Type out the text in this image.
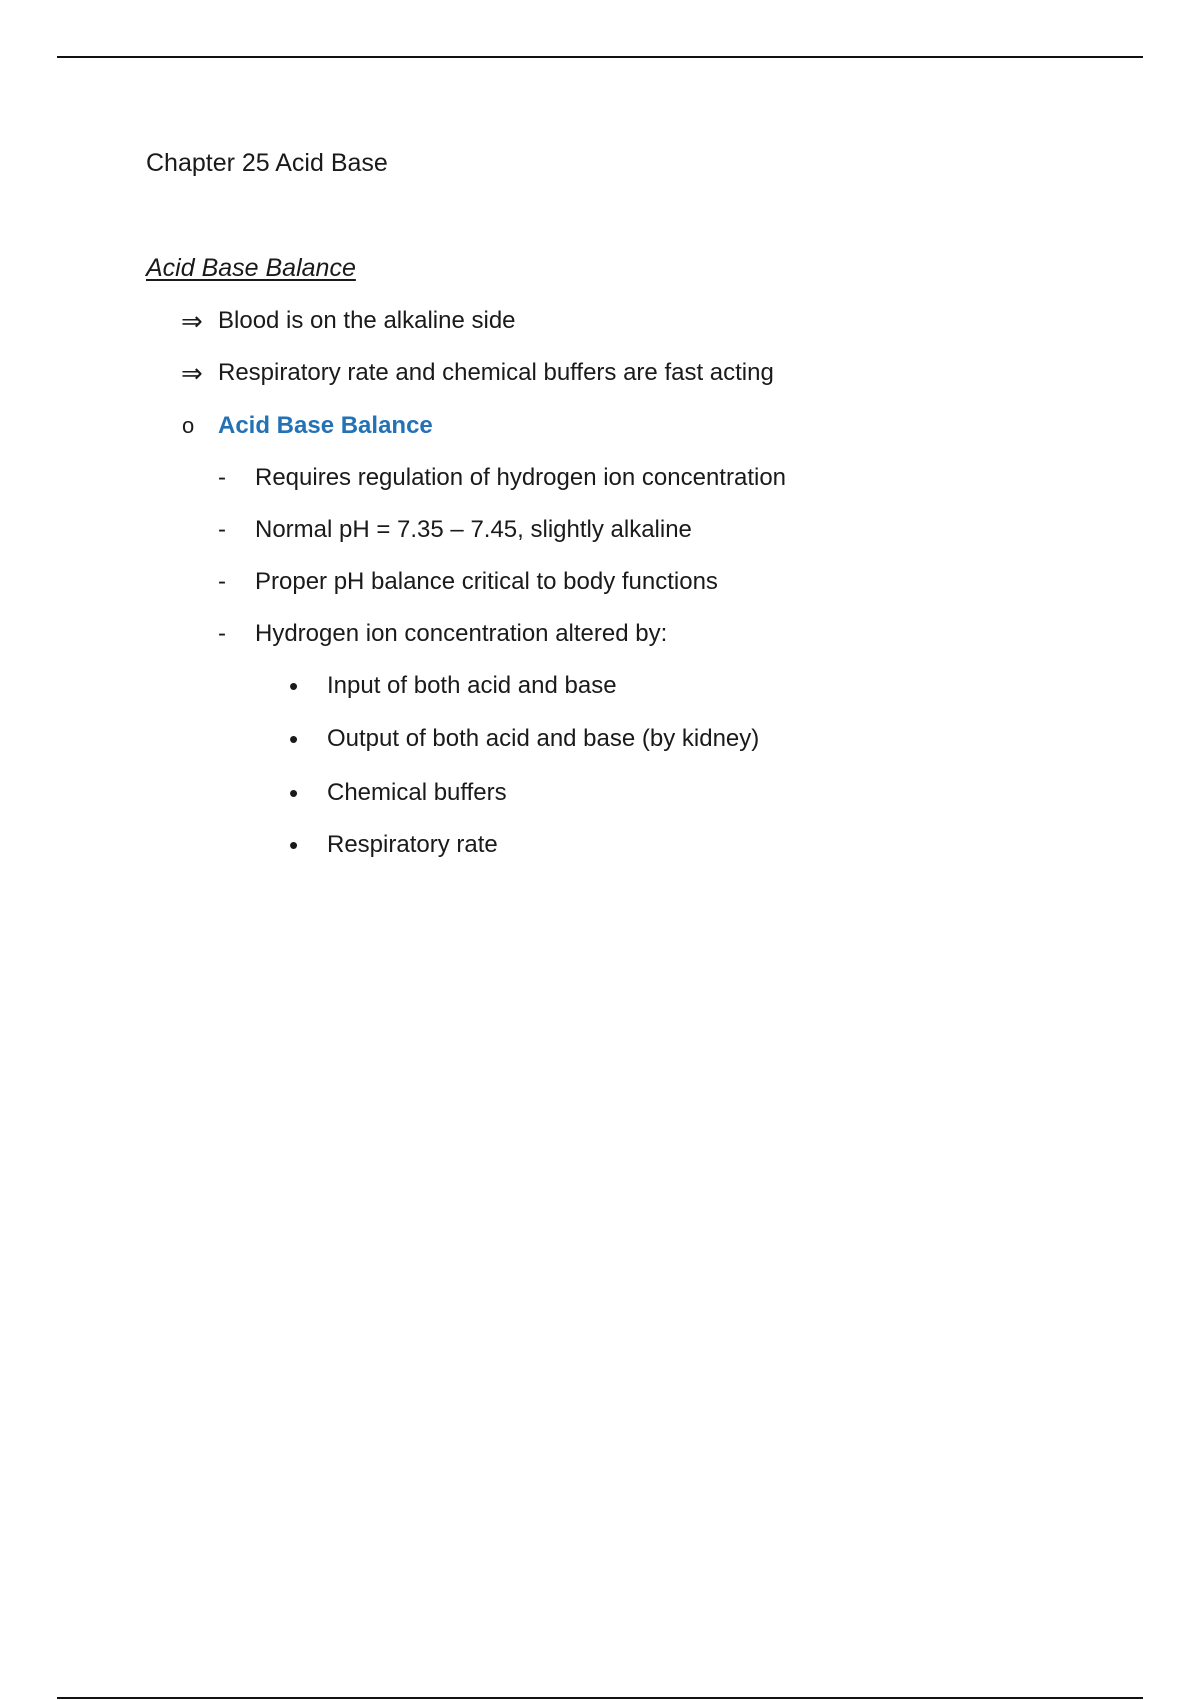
Chapter 25 Acid Base
Acid Base Balance
⇒ Blood is on the alkaline side
⇒ Respiratory rate and chemical buffers are fast acting
o Acid Base Balance
- Requires regulation of hydrogen ion concentration
- Normal pH = 7.35 – 7.45, slightly alkaline
- Proper pH balance critical to body functions
- Hydrogen ion concentration altered by:
• Input of both acid and base
• Output of both acid and base (by kidney)
• Chemical buffers
• Respiratory rate
